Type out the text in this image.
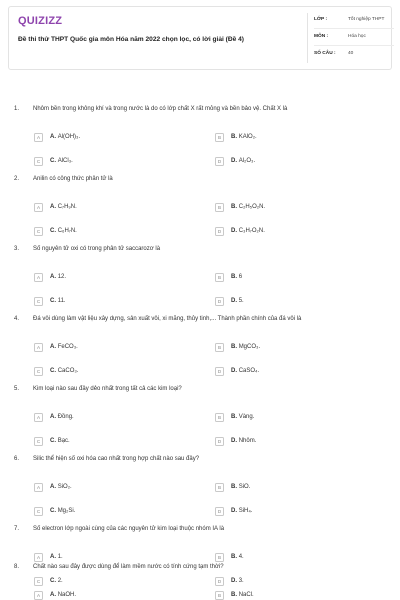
QUIZIZZ
Đề thi thử THPT Quốc gia môn Hóa năm 2022 chọn lọc, có lời giải (Đề 4)
LỚP :	Tốt nghiệp THPT
MÔN :	Hóa học
SỐ CÂU :	40
1. Nhôm bền trong không khí và trong nước là do có lớp chất X rất mỏng và bền bảo vệ. Chất X là
A	A. Al(OH)₃.	B	B. KAlO₂.
C	C. AlCl₃.	D	D. Al₂O₃.
2. Anilin có công thức phân tử là
A	A. C₇H₉N.	B	B. C₂H₅O₂N.
C	C. C₆H₇N.	D	D. C₃H₇O₂N.
3. Số nguyên tử oxi có trong phân tử saccarozơ là
A	A. 12.	B	B. 6
C	C. 11.	D	D. 5.
4. Đá vôi dùng làm vật liệu xây dựng, sản xuất vôi, xi măng, thủy tinh,... Thành phần chính của đá vôi là
A	A. FeCO₃.	B	B. MgCO₃.
C	C. CaCO₃.	D	D. CaSO₄.
5. Kim loại nào sau đây dẻo nhất trong tất cả các kim loại?
A	A. Đồng.	B	B. Vàng.
C	C. Bạc.	D	D. Nhôm.
6. Silic thể hiện số oxi hóa cao nhất trong hợp chất nào sau đây?
A	A. SiO₂.	B	B. SiO.
C	C. Mg₂Si.	D	D. SiH₄.
7. Số electron lớp ngoài cùng của các nguyên tử kim loại thuộc nhóm IA là
A	A. 1.	B	B. 4.
C	C. 2.	D	D. 3.
8. Chất nào sau đây được dùng để làm mềm nước có tính cứng tạm thời?
A	A. NaOH.	B	B. NaCl.
